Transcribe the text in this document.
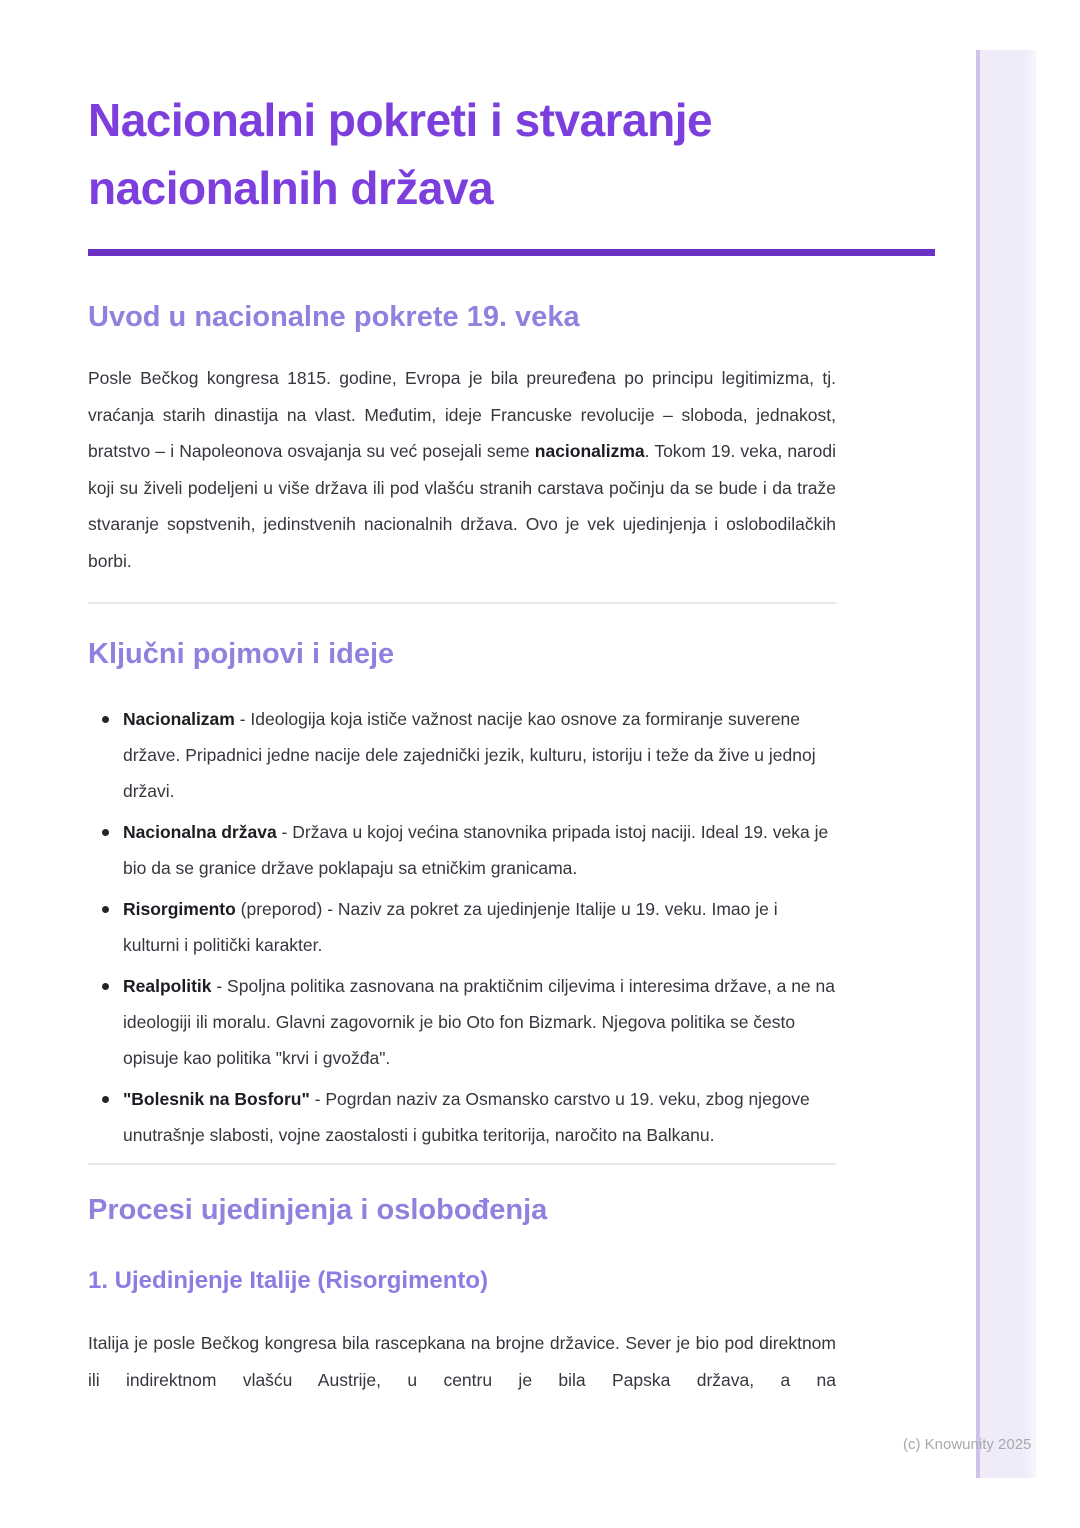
(c) Knowunity 2025
Nacionalni pokreti i stvaranje nacionalnih država
Uvod u nacionalne pokrete 19. veka

Posle Bečkog kongresa 1815. godine, Evropa je bila preuređena po principu legitimizma, tj. vraćanja starih dinastija na vlast. Međutim, ideje Francuske revolucije – sloboda, jednakost, bratstvo – i Napoleonova osvajanja su već posejali seme nacionalizma. Tokom 19. veka, narodi koji su živeli podeljeni u više država ili pod vlašću stranih carstava počinju da se bude i da traže stvaranje sopstvenih, jedinstvenih nacionalnih država. Ovo je vek ujedinjenja i oslobodilačkih borbi.

Ključni pojmovi i ideje
Nacionalizam - Ideologija koja ističe važnost nacije kao osnove za formiranje suverene države. Pripadnici jedne nacije dele zajednički jezik, kulturu, istoriju i teže da žive u jednoj državi.
Nacionalna država - Država u kojoj većina stanovnika pripada istoj naciji. Ideal 19. veka je bio da se granice države poklapaju sa etničkim granicama.
Risorgimento (preporod) - Naziv za pokret za ujedinjenje Italije u 19. veku. Imao je i kulturni i politički karakter.
Realpolitik - Spoljna politika zasnovana na praktičnim ciljevima i interesima države, a ne na ideologiji ili moralu. Glavni zagovornik je bio Oto fon Bizmark. Njegova politika se često opisuje kao politika "krvi i gvožđa".
"Bolesnik na Bosforu" - Pogrdan naziv za Osmansko carstvo u 19. veku, zbog njegove unutrašnje slabosti, vojne zaostalosti i gubitka teritorija, naročito na Balkanu.
Procesi ujedinjenja i oslobođenja
1. Ujedinjenje Italije (Risorgimento)

Italija je posle Bečkog kongresa bila rascepkana na brojne državice. Sever je bio pod direktnom ili indirektnom vlašću Austrije, u centru je bila Papska država, a na
